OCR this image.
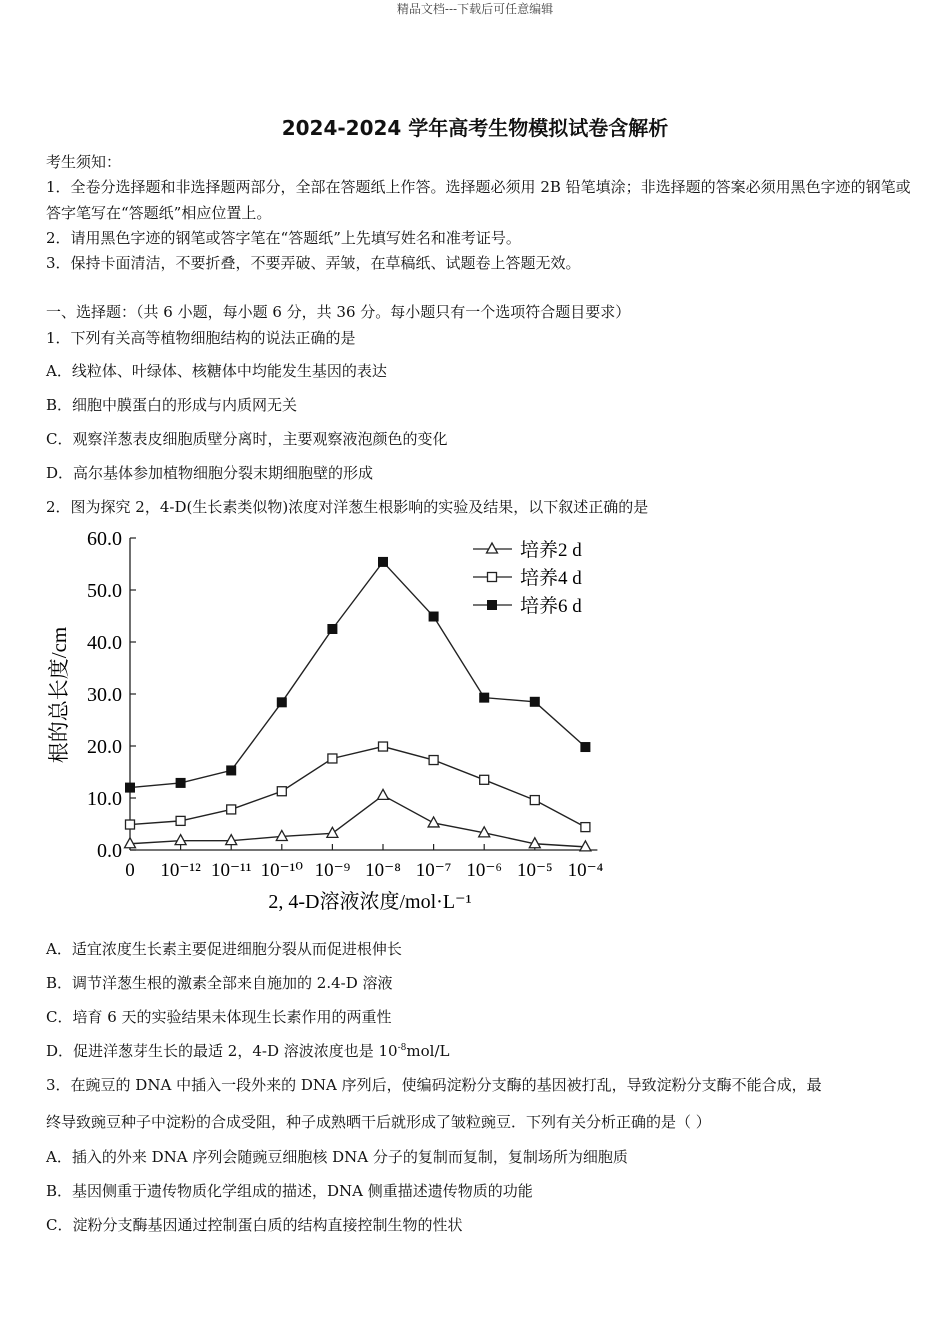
精品文档---下载后可任意编辑
2024-2024 学年高考生物模拟试卷含解析
考生须知：
1．全卷分选择题和非选择题两部分，全部在答题纸上作答。选择题必须用 2B 铅笔填涂；非选择题的答案必须用黑色字迹的钢笔或答字笔写在“答题纸”相应位置上。
2．请用黑色字迹的钢笔或答字笔在“答题纸”上先填写姓名和准考证号。
3．保持卡面清洁，不要折叠，不要弄破、弄皱，在草稿纸、试题卷上答题无效。
一、选择题：（共 6 小题，每小题 6 分，共 36 分。每小题只有一个选项符合题目要求）
1．下列有关高等植物细胞结构的说法正确的是
A．线粒体、叶绿体、核糖体中均能发生基因的表达
B．细胞中膜蛋白的形成与内质网无关
C．观察洋葱表皮细胞质壁分离时，主要观察液泡颜色的变化
D．高尔基体参加植物细胞分裂末期细胞壁的形成
2．图为探究 2，4-D(生长素类似物)浓度对洋葱生根影响的实验及结果，以下叙述正确的是
0.0
10.0
20.0
30.0
40.0
50.0
60.0
0 10⁻¹² 10⁻¹¹ 10⁻¹⁰ 10⁻⁹ 10⁻⁸ 10⁻⁷ 10⁻⁶ 10⁻⁵ 10⁻⁴
培养2 d
培养4 d
培养6 d
2, 4-D溶液浓度/mol·L⁻¹
根的总长度/cm
A．适宜浓度生长素主要促进细胞分裂从而促进根伸长
B．调节洋葱生根的激素全部来自施加的 2.4-D 溶液
C．培育 6 天的实验结果未体现生长素作用的两重性
D．促进洋葱芽生长的最适 2，4-D 溶波浓度也是 $10^{-8}mol/L$
3．在豌豆的 DNA 中插入一段外来的 DNA 序列后，使编码淀粉分支酶的基因被打乱，导致淀粉分支酶不能合成，最
终导致豌豆种子中淀粉的合成受阻，种子成熟晒干后就形成了皱粒豌豆．下列有关分析正确的是（ ）
A．插入的外来 DNA 序列会随豌豆细胞核 DNA 分子的复制而复制，复制场所为细胞质
B．基因侧重于遗传物质化学组成的描述，DNA 侧重描述遗传物质的功能
C．淀粉分支酶基因通过控制蛋白质的结构直接控制生物的性状
